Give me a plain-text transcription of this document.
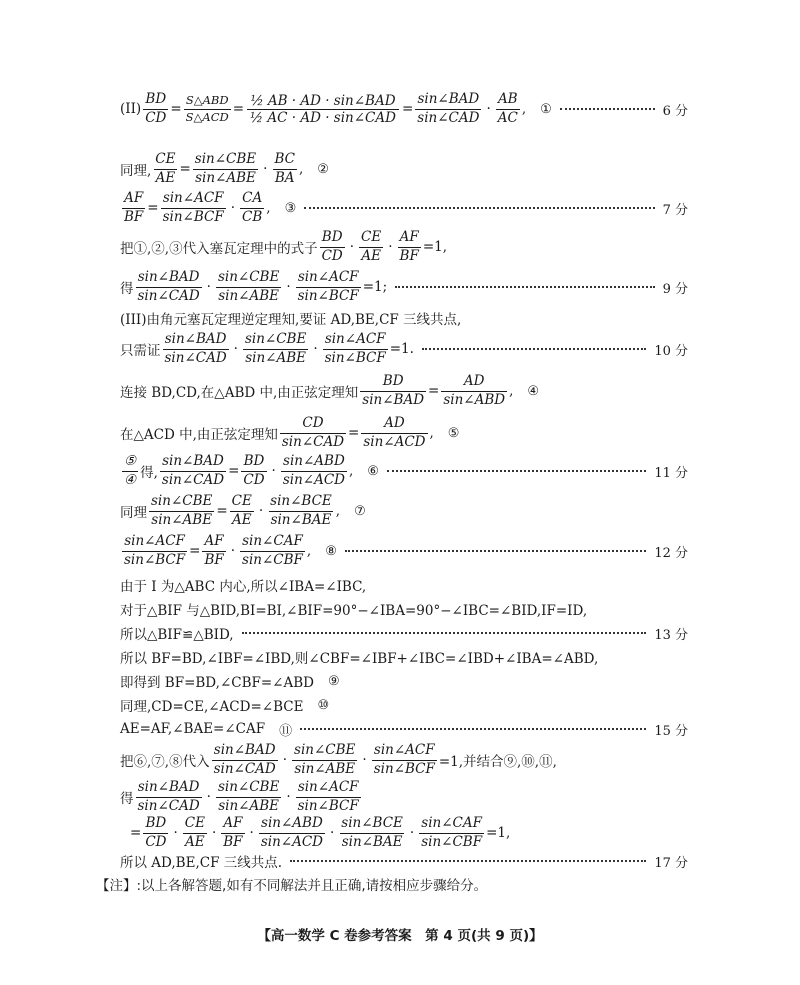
$(II) \frac{BD}{CD} = \frac{\text{S△ABD}}{\text{S△ACD}}$ =
½ AB · AD · sin∠BAD
½ AC · AD · sin∠CAD
= $\frac{\text{sin∠BAD}}{\text{sin∠CAD}} \cdot \frac{AB}{AC}$ , ①	6 分
同理, $\frac{CE}{AE} = \frac{\text{sin∠CBE}}{\text{sin∠ABE}} \cdot \frac{BC}{BA}$ , ②
$\frac{AF}{BF} = \frac{\text{sin∠ACF}}{\text{sin∠BCF}} \cdot \frac{CA}{CB}$ , ③	7 分
把①,②,③代入塞瓦定理中的式子 $\frac{BD}{CD} \cdot \frac{CE}{AE} \cdot \frac{AF}{BF} =1$,
得 $\frac{\text{sin∠BAD}}{\text{sin∠CAD}} \cdot \frac{\text{sin∠CBE}}{\text{sin∠ABE}} \cdot \frac{\text{sin∠ACF}}{\text{sin∠BCF}} =1$;	9 分
(III)由角元塞瓦定理逆定理知,要证 AD,BE,CF 三线共点,
只需证 $\frac{\text{sin∠BAD}}{\text{sin∠CAD}} \cdot \frac{\text{sin∠CBE}}{\text{sin∠ABE}} \cdot \frac{\text{sin∠ACF}}{\text{sin∠BCF}} =1$.	10 分
连接 BD,CD,在△ABD 中,由正弦定理知 $\frac{BD}{\text{sin∠BAD}} = \frac{AD}{\text{sin∠ABD}}$ , ④
在△ACD 中,由正弦定理知 $\frac{CD}{\text{sin∠CAD}} = \frac{AD}{\text{sin∠ACD}}$ , ⑤
$\frac{\text{⑤}}{\text{④}}$ 得, $\frac{\text{sin∠BAD}}{\text{sin∠CAD}} = \frac{BD}{CD} \cdot \frac{\text{sin∠ABD}}{\text{sin∠ACD}}$ , ⑥	11 分
同理 $\frac{\text{sin∠CBE}}{\text{sin∠ABE}} = \frac{CE}{AE} \cdot \frac{\text{sin∠BCE}}{\text{sin∠BAE}}$ , ⑦
$\frac{\text{sin∠ACF}}{\text{sin∠BCF}} = \frac{AF}{BF} \cdot \frac{\text{sin∠CAF}}{\text{sin∠CBF}}$ , ⑧	12 分
由于 I 为△ABC 内心,所以∠IBA=∠IBC,
对于△BIF 与△BID,BI=BI,∠BIF=90°−∠IBA=90°−∠IBC=∠BID,IF=ID,
所以△BIF≌△BID,	13 分
所以 BF=BD,∠IBF=∠IBD,则∠CBF=∠IBF+∠IBC=∠IBD+∠IBA=∠ABD,
即得到 BF=BD,∠CBF=∠ABD ⑨
同理,CD=CE,∠ACD=∠BCE ⑩
AE=AF,∠BAE=∠CAF ⑪	15 分
把⑥,⑦,⑧代入 $\frac{\text{sin∠BAD}}{\text{sin∠CAD}} \cdot \frac{\text{sin∠CBE}}{\text{sin∠ABE}} \cdot \frac{\text{sin∠ACF}}{\text{sin∠BCF}} =1$,并结合⑨,⑩,⑪,
得 $\frac{\text{sin∠BAD}}{\text{sin∠CAD}} \cdot \frac{\text{sin∠CBE}}{\text{sin∠ABE}} \cdot \frac{\text{sin∠ACF}}{\text{sin∠BCF}}$
= $\frac{BD}{CD} \cdot \frac{CE}{AE} \cdot \frac{AF}{BF} \cdot \frac{\text{sin∠ABD}}{\text{sin∠ACD}} \cdot \frac{\text{sin∠BCE}}{\text{sin∠BAE}} \cdot \frac{\text{sin∠CAF}}{\text{sin∠CBF}} =1$,
所以 AD,BE,CF 三线共点.	17 分
【注】:以上各解答题,如有不同解法并且正确,请按相应步骤给分。
【高一数学 C 卷参考答案　第 4 页(共 9 页)】
